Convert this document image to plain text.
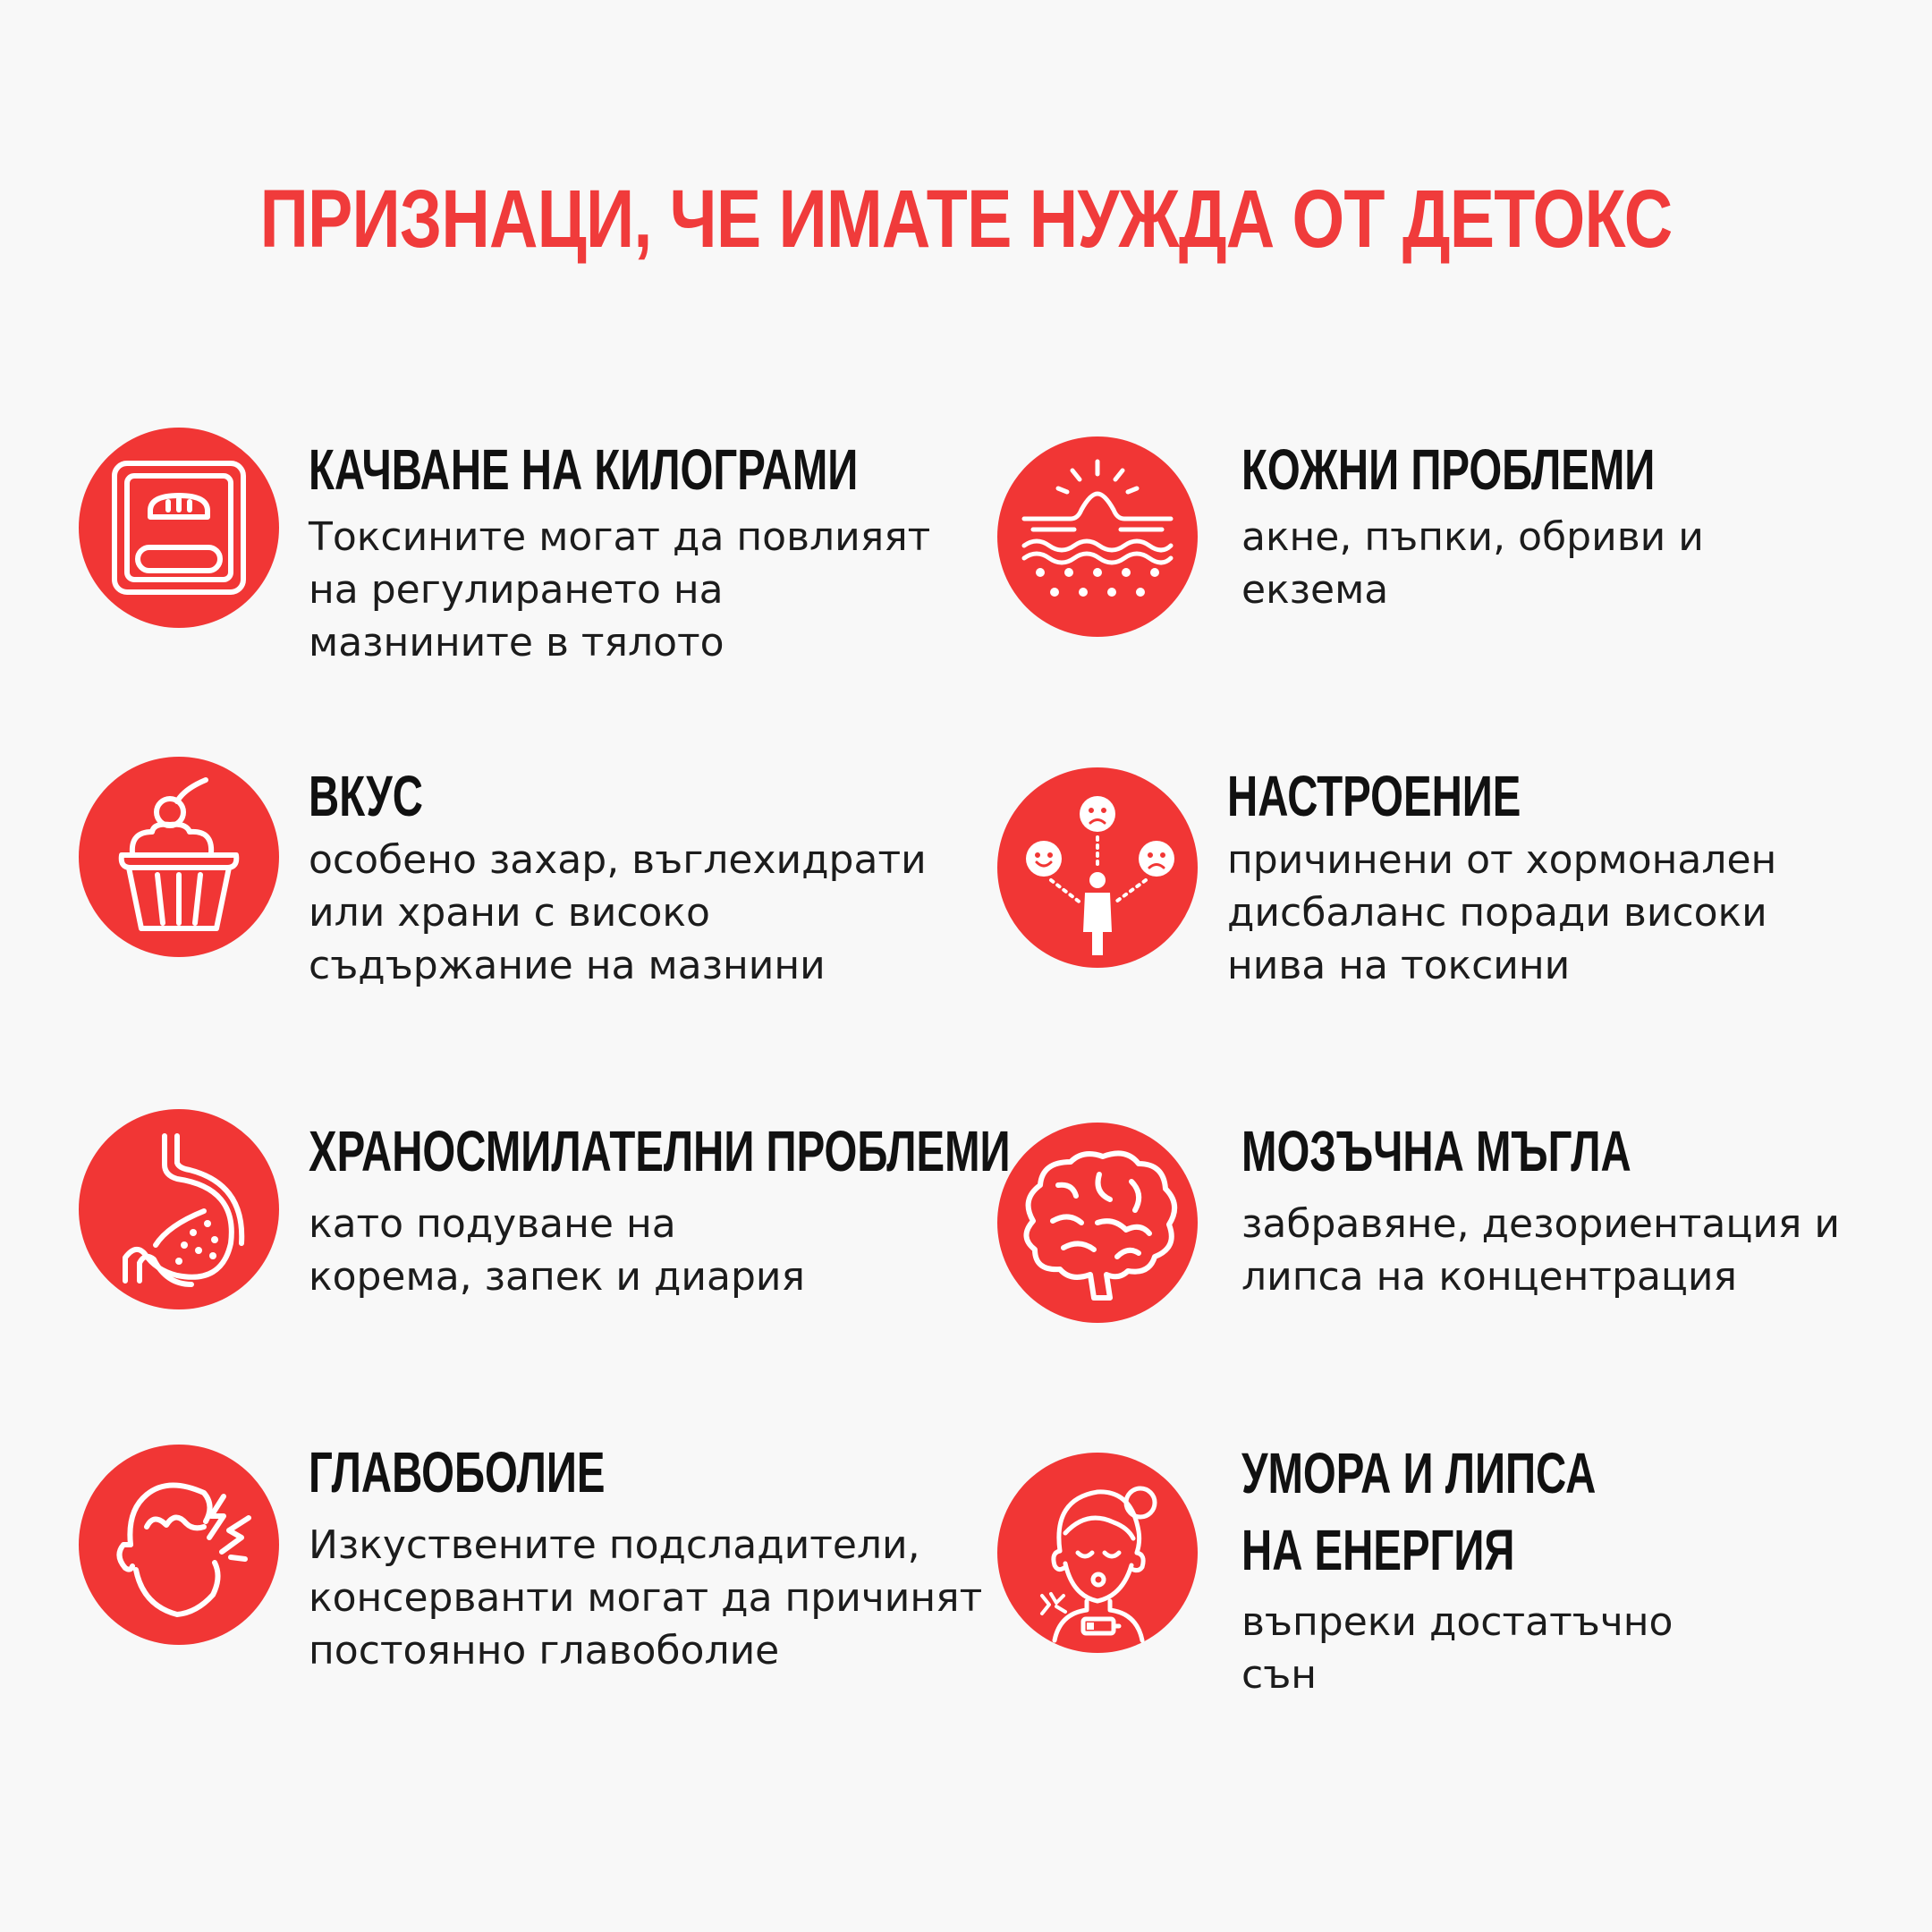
ПРИЗНАЦИ, ЧЕ ИМАТЕ НУЖДА ОТ ДЕТОКС
КАЧВАНЕ НА КИЛОГРАМИ

Токсините могат да повлияят
на регулирането на
мазнините в тялото

КОЖНИ ПРОБЛЕМИ

акне, пъпки, обриви и
екзема

ВКУС

особено захар, въглехидрати
или храни с високо
съдържание на мазнини

НАСТРОЕНИЕ

причинени от хормонален
дисбаланс поради високи
нива на токсини

ХРАНОСМИЛАТЕЛНИ ПРОБЛЕМИ

като подуване на
корема, запек и диария

МОЗЪЧНА МЪГЛА

забравяне, дезориентация и
липса на концентрация

ГЛАВОБОЛИЕ

Изкуствените подсладители,
консерванти могат да причинят
постоянно главоболие

УМОРА И ЛИПСА НА ЕНЕРГИЯ

въпреки достатъчно
сън
